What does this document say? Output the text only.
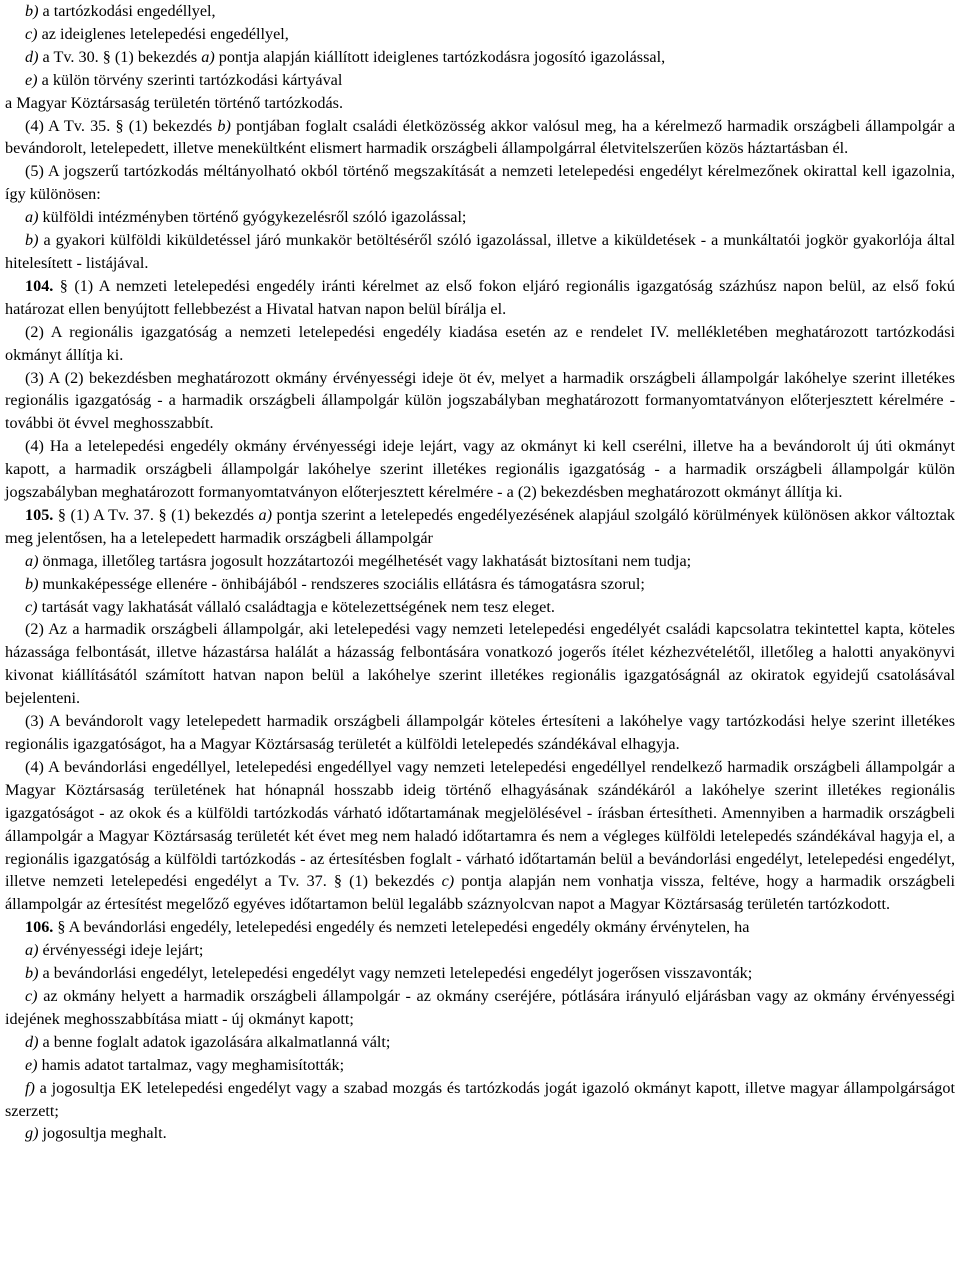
b) a tartózkodási engedéllyel,

c) az ideiglenes letelepedési engedéllyel,

d) a Tv. 30. § (1) bekezdés a) pontja alapján kiállított ideiglenes tartózkodásra jogosító igazolással,

e) a külön törvény szerinti tartózkodási kártyával

a Magyar Köztársaság területén történő tartózkodás.

(4) A Tv. 35. § (1) bekezdés b) pontjában foglalt családi életközösség akkor valósul meg, ha a kérelmező harmadik országbeli állampolgár a bevándorolt, letelepedett, illetve menekültként elismert harmadik országbeli állampolgárral életvitelszerűen közös háztartásban él.

(5) A jogszerű tartózkodás méltányolható okból történő megszakítását a nemzeti letelepedési engedélyt kérelmezőnek okirattal kell igazolnia, így különösen:

a) külföldi intézményben történő gyógykezelésről szóló igazolással;

b) a gyakori külföldi kiküldetéssel járó munkakör betöltéséről szóló igazolással, illetve a kiküldetések - a munkáltatói jogkör gyakorlója által hitelesített - listájával.

104. § (1) A nemzeti letelepedési engedély iránti kérelmet az első fokon eljáró regionális igazgatóság százhúsz napon belül, az első fokú határozat ellen benyújtott fellebbezést a Hivatal hatvan napon belül bírálja el.

(2) A regionális igazgatóság a nemzeti letelepedési engedély kiadása esetén az e rendelet IV. mellékletében meghatározott tartózkodási okmányt állítja ki.

(3) A (2) bekezdésben meghatározott okmány érvényességi ideje öt év, melyet a harmadik országbeli állampolgár lakóhelye szerint illetékes regionális igazgatóság - a harmadik országbeli állampolgár külön jogszabályban meghatározott formanyomtatványon előterjesztett kérelmére - további öt évvel meghosszabbít.

(4) Ha a letelepedési engedély okmány érvényességi ideje lejárt, vagy az okmányt ki kell cserélni, illetve ha a bevándorolt új úti okmányt kapott, a harmadik országbeli állampolgár lakóhelye szerint illetékes regionális igazgatóság - a harmadik országbeli állampolgár külön jogszabályban meghatározott formanyomtatványon előterjesztett kérelmére - a (2) bekezdésben meghatározott okmányt állítja ki.

105. § (1) A Tv. 37. § (1) bekezdés a) pontja szerint a letelepedés engedélyezésének alapjául szolgáló körülmények különösen akkor változtak meg jelentősen, ha a letelepedett harmadik országbeli állampolgár

a) önmaga, illetőleg tartásra jogosult hozzátartozói megélhetését vagy lakhatását biztosítani nem tudja;

b) munkaképessége ellenére - önhibájából - rendszeres szociális ellátásra és támogatásra szorul;

c) tartását vagy lakhatását vállaló családtagja e kötelezettségének nem tesz eleget.

(2) Az a harmadik országbeli állampolgár, aki letelepedési vagy nemzeti letelepedési engedélyét családi kapcsolatra tekintettel kapta, köteles házassága felbontását, illetve házastársa halálát a házasság felbontására vonatkozó jogerős ítélet kézhezvételétől, illetőleg a halotti anyakönyvi kivonat kiállításától számított hatvan napon belül a lakóhelye szerint illetékes regionális igazgatóságnál az okiratok egyidejű csatolásával bejelenteni.

(3) A bevándorolt vagy letelepedett harmadik országbeli állampolgár köteles értesíteni a lakóhelye vagy tartózkodási helye szerint illetékes regionális igazgatóságot, ha a Magyar Köztársaság területét a külföldi letelepedés szándékával elhagyja.

(4) A bevándorlási engedéllyel, letelepedési engedéllyel vagy nemzeti letelepedési engedéllyel rendelkező harmadik országbeli állampolgár a Magyar Köztársaság területének hat hónapnál hosszabb ideig történő elhagyásának szándékáról a lakóhelye szerint illetékes regionális igazgatóságot - az okok és a külföldi tartózkodás várható időtartamának megjelölésével - írásban értesítheti. Amennyiben a harmadik országbeli állampolgár a Magyar Köztársaság területét két évet meg nem haladó időtartamra és nem a végleges külföldi letelepedés szándékával hagyja el, a regionális igazgatóság a külföldi tartózkodás - az értesítésben foglalt - várható időtartamán belül a bevándorlási engedélyt, letelepedési engedélyt, illetve nemzeti letelepedési engedélyt a Tv. 37. § (1) bekezdés c) pontja alapján nem vonhatja vissza, feltéve, hogy a harmadik országbeli állampolgár az értesítést megelőző egyéves időtartamon belül legalább száznyolcvan napot a Magyar Köztársaság területén tartózkodott.

106. § A bevándorlási engedély, letelepedési engedély és nemzeti letelepedési engedély okmány érvénytelen, ha

a) érvényességi ideje lejárt;

b) a bevándorlási engedélyt, letelepedési engedélyt vagy nemzeti letelepedési engedélyt jogerősen visszavonták;

c) az okmány helyett a harmadik országbeli állampolgár - az okmány cseréjére, pótlására irányuló eljárásban vagy az okmány érvényességi idejének meghosszabbítása miatt - új okmányt kapott;

d) a benne foglalt adatok igazolására alkalmatlanná vált;

e) hamis adatot tartalmaz, vagy meghamisították;

f) a jogosultja EK letelepedési engedélyt vagy a szabad mozgás és tartózkodás jogát igazoló okmányt kapott, illetve magyar állampolgárságot szerzett;

g) jogosultja meghalt.
